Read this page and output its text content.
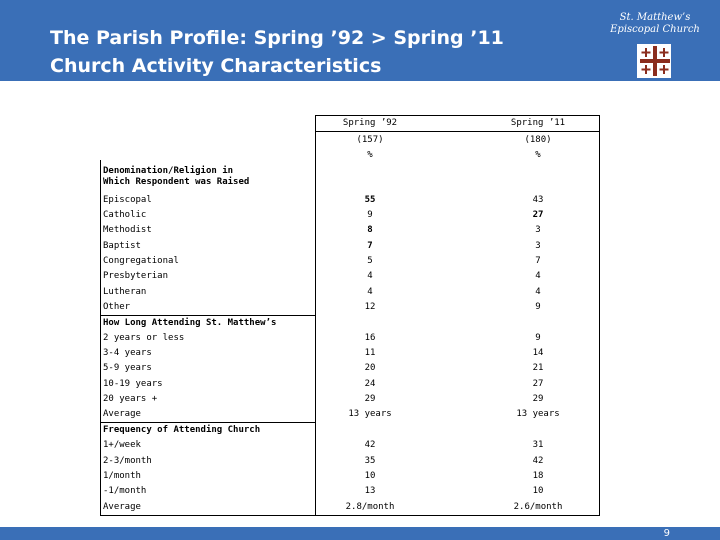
The Parish Profile: Spring ’92 > Spring ’11
Church Activity Characteristics
St. Matthew’s
Episcopal Church
Spring ’92	Spring ’11
(157)	(180)
%	%
Denomination/Religion in
Which Respondent was Raised
Episcopal	55	43
Catholic	9	27
Methodist	8	3
Baptist	7	3
Congregational	5	7
Presbyterian	4	4
Lutheran	4	4
Other	12	9
How Long Attending St. Matthew’s
2 years or less	16	9
3-4 years	11	14
5-9 years	20	21
10-19 years	24	27
20 years +	29	29
Average	13 years	13 years
Frequency of Attending Church
1+/week	42	31
2-3/month	35	42
1/month	10	18
-1/month	13	10
Average	2.8/month	2.6/month
9
